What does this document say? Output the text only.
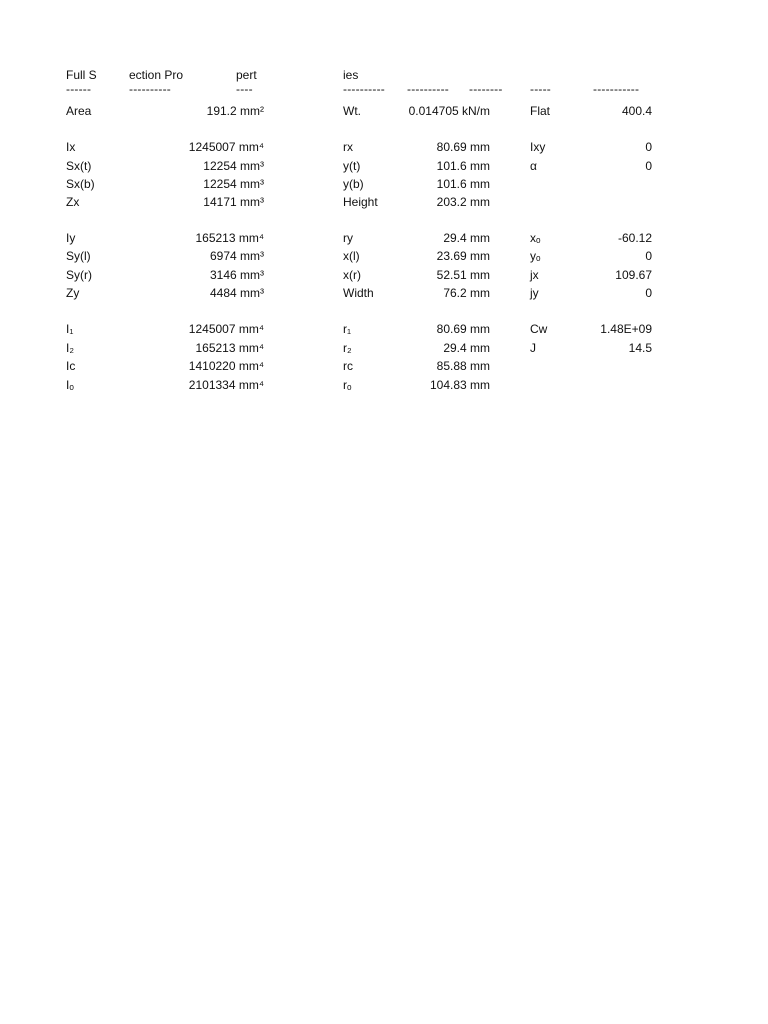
Full S	ection Pro	pert	ies
------	----------	----	---------- ---------- -------- -----	-----------
Area	191.2 mm²	Wt.	0.014705 kN/m	Flat	400.4
Ix	1245007 mm⁴	rx	80.69 mm	Ixy	0
Sx(t)	12254 mm³	y(t)	101.6 mm	α	0
Sx(b)	12254 mm³	y(b)	101.6 mm
Zx	14171 mm³	Height	203.2 mm
Iy	165213 mm⁴	ry	29.4 mm	xₒ	-60.12
Sy(l)	6974 mm³	x(l)	23.69 mm	yₒ	0
Sy(r)	3146 mm³	x(r)	52.51 mm	jx	109.67
Zy	4484 mm³	Width	76.2 mm	jy	0
I₁	1245007 mm⁴	r₁	80.69 mm	Cw	1.48E+09
I₂	165213 mm⁴	r₂	29.4 mm	J	14.5
Ic	1410220 mm⁴	rc	85.88 mm
Iₒ	2101334 mm⁴	rₒ	104.83 mm
